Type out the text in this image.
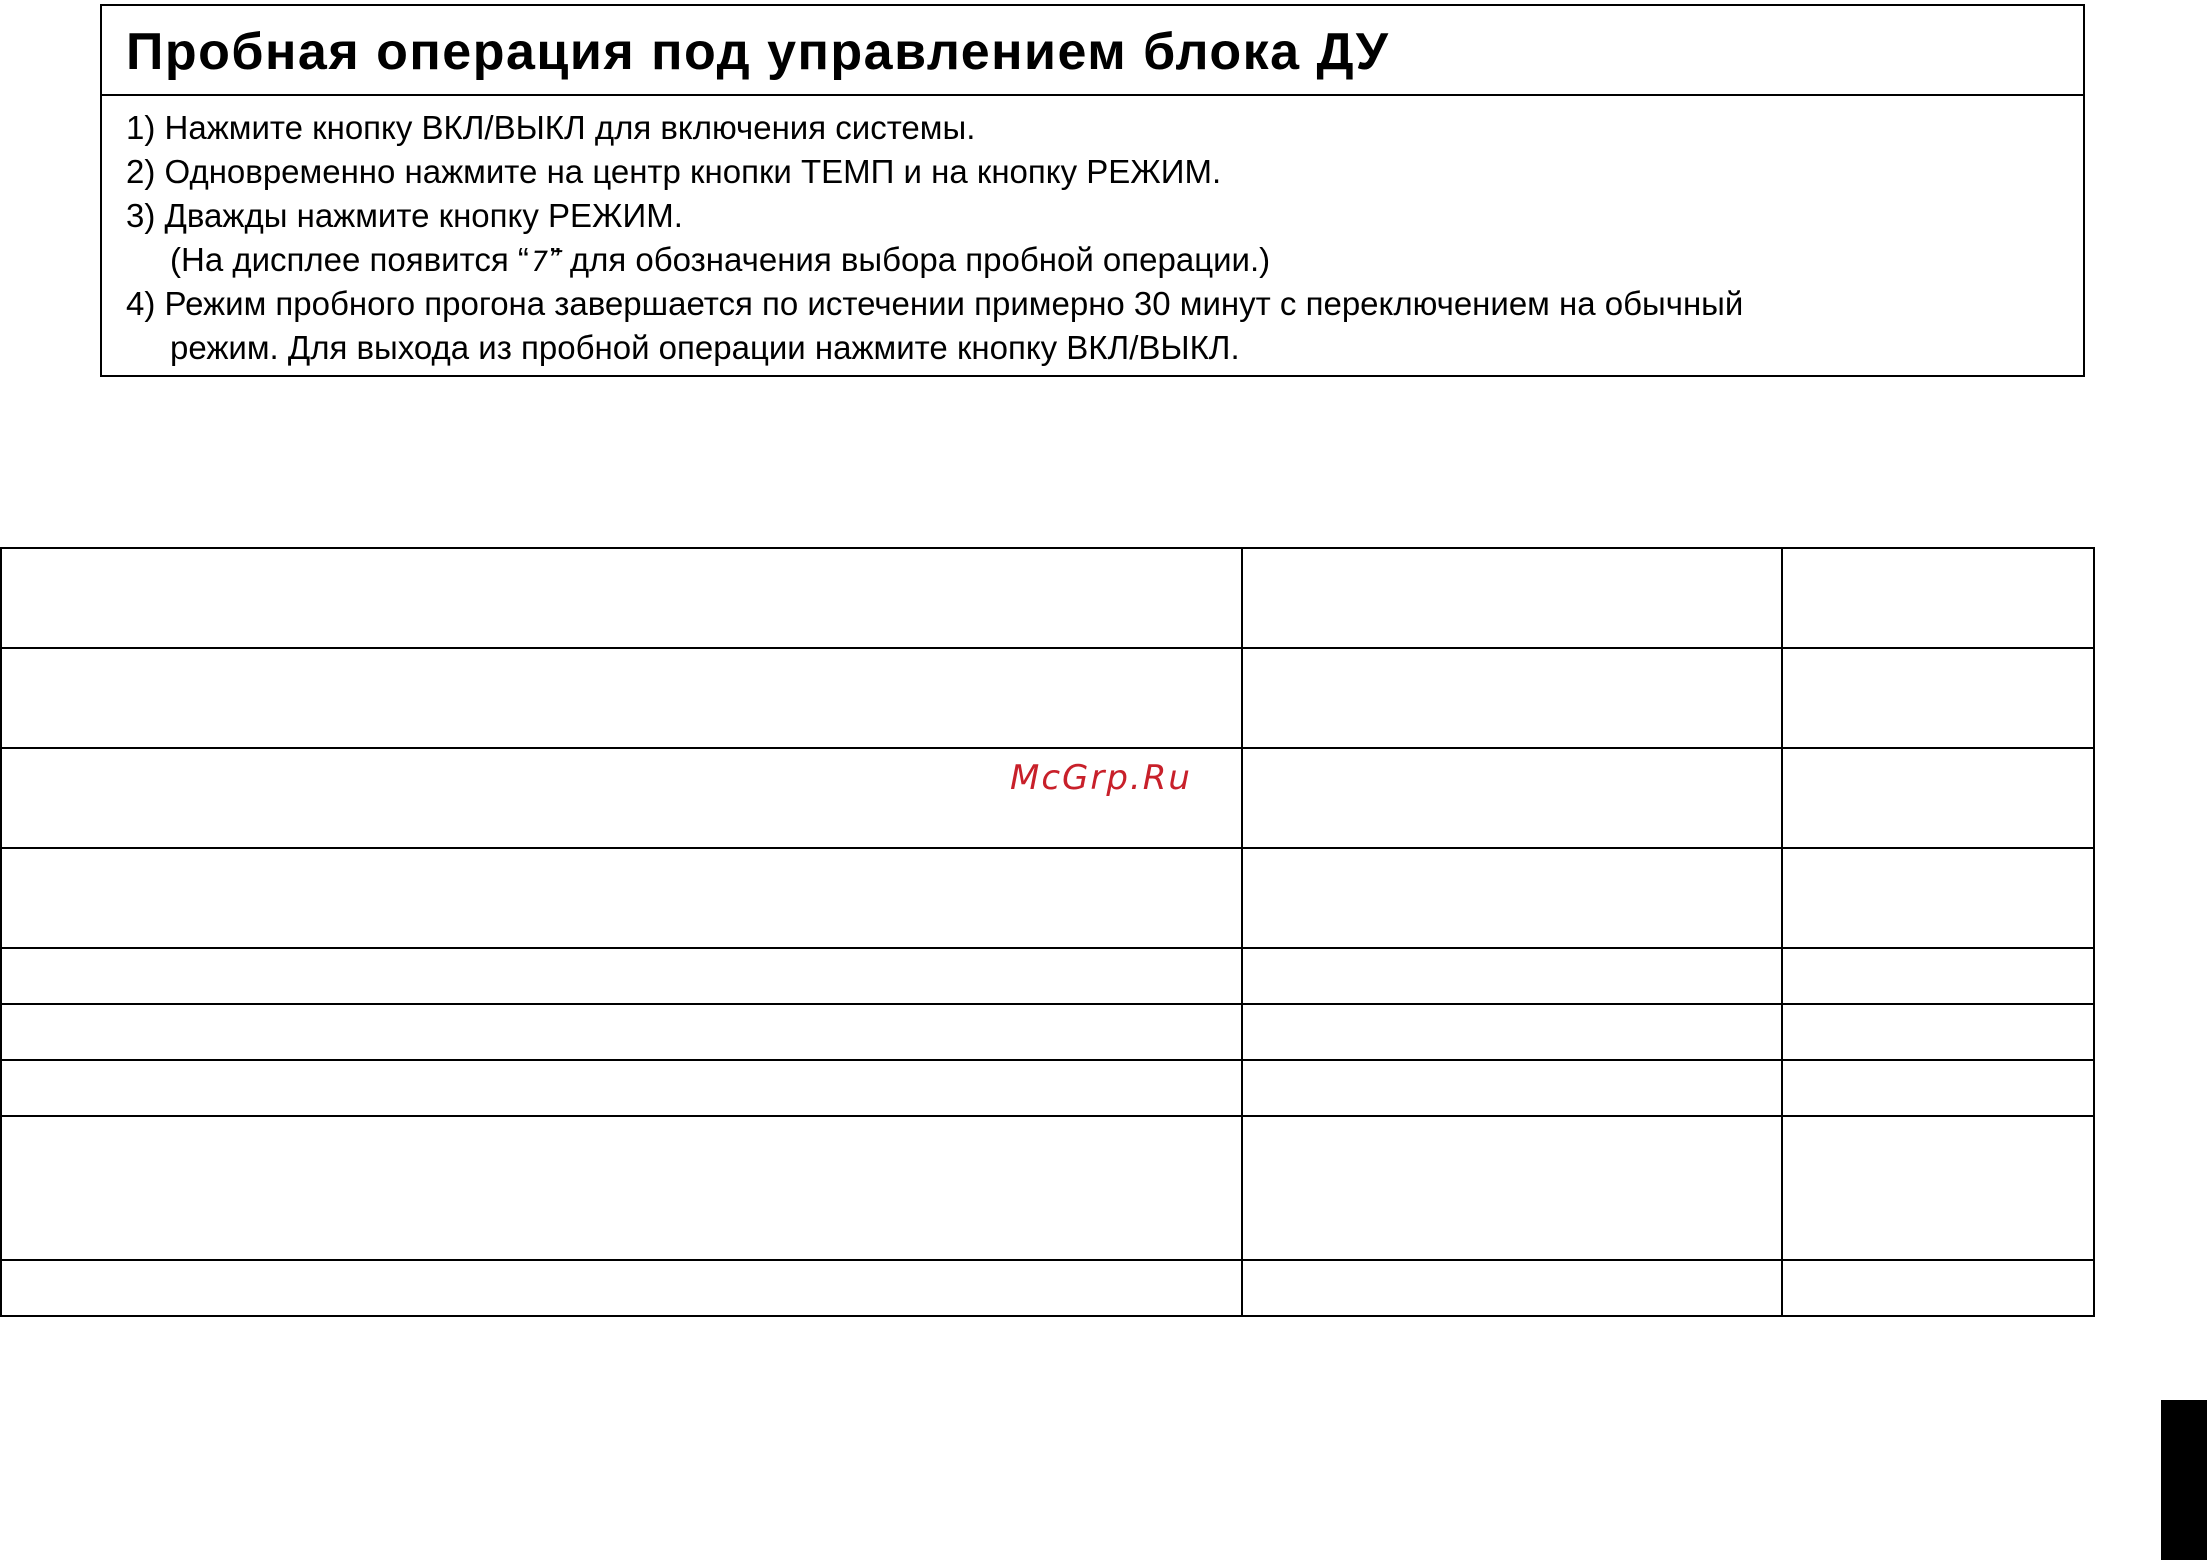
Пробная операция под управлением блока ДУ
1) Нажмите кнопку ВКЛ/ВЫКЛ для включения системы.
2) Одновременно нажмите на центр кнопки ТЕМП и на кнопку РЕЖИМ.
3) Дважды нажмите кнопку РЕЖИМ.
(На дисплее появится “7̄” для обозначения выбора пробной операции.)
4) Режим пробного прогона завершается по истечении примерно 30 минут с переключением на обычный
режим. Для выхода из пробной операции нажмите кнопку ВКЛ/ВЫКЛ.

McGrp.Ru
